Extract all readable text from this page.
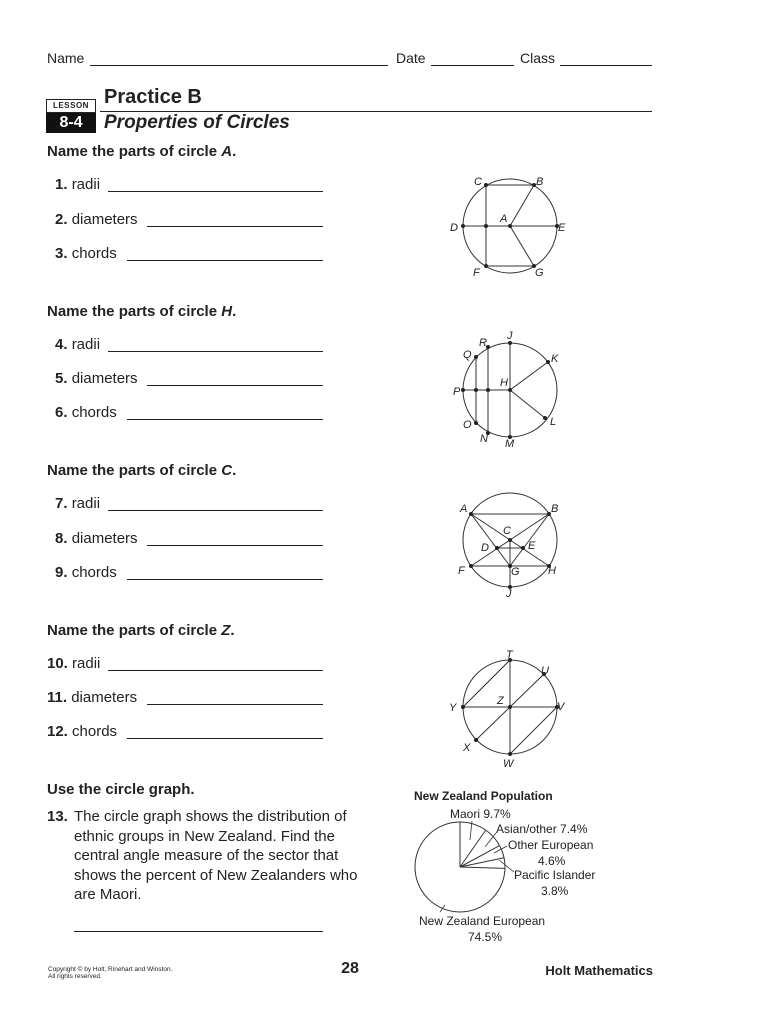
Name	Date	Class
LESSON
8-4
Practice B
Properties of Circles
Name the parts of circle A.
Name the parts of circle H.
Name the parts of circle C.
Name the parts of circle Z.
1. radii
2. diameters
3. chords
4. radii
5. diameters
6. chords
7. radii
8. diameters
9. chords
10. radii
11. diameters
12. chords
C	B
A
D	E
F	G
J
R
Q	K
P
H
O
N M
L
A	B
C
D	E
F	G	H
J
T
U
Z
Y	V
X
W
Use the circle graph.
13. The circle graph shows the distribution of ethnic groups in New Zealand. Find the central angle measure of the sector that shows the percent of New Zealanders who are Maori.
New Zealand Population
Maori 9.7%
Asian/other 7.4%
Other European
4.6%
Pacific Islander
3.8%
New Zealand European
74.5%
Copyright © by Holt, Rinehart and Winston.
All rights reserved.	28	Holt Mathematics
